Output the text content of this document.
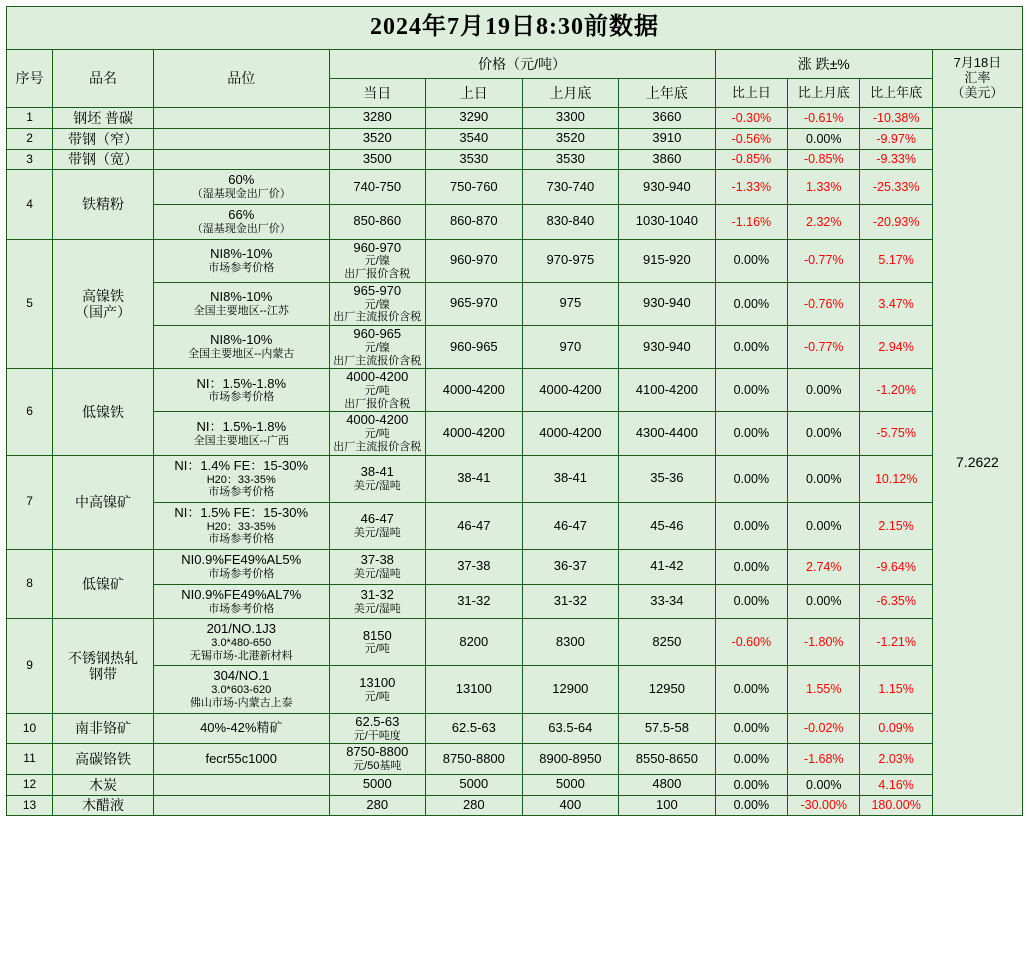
2024年7月19日8:30前数据										
序号	品名	品位	价格（元/吨）				涨 跌±%			7月18日
汇率
（美元）
			当日	上日	上月底	上年底	比上日	比上月底	比上年底	
1	钢坯 普碳		3280	3290	3300	3660	-0.30%	-0.61%	-10.38%	7.2622
2	带钢（窄）		3520	3540	3520	3910	-0.56%	0.00%	-9.97%	
3	带钢（宽）		3500	3530	3530	3860	-0.85%	-0.85%	-9.33%	
4	铁精粉	60%
（湿基现金出厂价）	740-750	750-760	730-740	930-940	-1.33%	1.33%	-25.33%	

		66%
（湿基现金出厂价）	850-860	860-870	830-840	1030-1040	-1.16%	2.32%	-20.93%	
5	高镍铁
（国产）	NI8%-10%
市场参考价格	960-970
元/镍
出厂报价含税	960-970	970-975	915-920	0.00%	-0.77%	5.17%	

		NI8%-10%
全国主要地区--江苏	965-970
元/镍
出厂主流报价含税	965-970	975	930-940	0.00%	-0.76%	3.47%	

		NI8%-10%
全国主要地区--内蒙古	960-965
元/镍
出厂主流报价含税	960-965	970	930-940	0.00%	-0.77%	2.94%	
6	低镍铁	NI：1.5%-1.8%
市场参考价格	4000-4200
元/吨
出厂报价含税	4000-4200	4000-4200	4100-4200	0.00%	0.00%	-1.20%	

		NI：1.5%-1.8%
全国主要地区--广西	4000-4200
元/吨
出厂主流报价含税	4000-4200	4000-4200	4300-4400	0.00%	0.00%	-5.75%	
7	中高镍矿	NI：1.4% FE：15-30%
H20：33-35%
市场参考价格	38-41
美元/湿吨	38-41	38-41	35-36	0.00%	0.00%	10.12%	

		NI：1.5% FE：15-30%
H20：33-35%
市场参考价格	46-47
美元/湿吨	46-47	46-47	45-46	0.00%	0.00%	2.15%	
8	低镍矿	NI0.9%FE49%AL5%
市场参考价格	37-38
美元/湿吨	37-38	36-37	41-42	0.00%	2.74%	-9.64%	

		NI0.9%FE49%AL7%
市场参考价格	31-32
美元/湿吨	31-32	31-32	33-34	0.00%	0.00%	-6.35%	
9	不锈钢热轧
钢带	201/NO.1J3
3.0*480-650
无锡市场-北港新材料	8150
元/吨	8200	8300	8250	-0.60%	-1.80%	-1.21%	

		304/NO.1
3.0*603-620
佛山市场-内蒙古上泰	13100
元/吨	13100	12900	12950	0.00%	1.55%	1.15%	
10	南非铬矿	40%-42%精矿	62.5-63
元/干吨度	62.5-63	63.5-64	57.5-58	0.00%	-0.02%	0.09%	
11	高碳铬铁	fecr55c1000	8750-8800
元/50基吨	8750-8800	8900-8950	8550-8650	0.00%	-1.68%	2.03%	
12	木炭		5000	5000	5000	4800	0.00%	0.00%	4.16%	
13	木醋液		280	280	400	100	0.00%	-30.00%	180.00%	
